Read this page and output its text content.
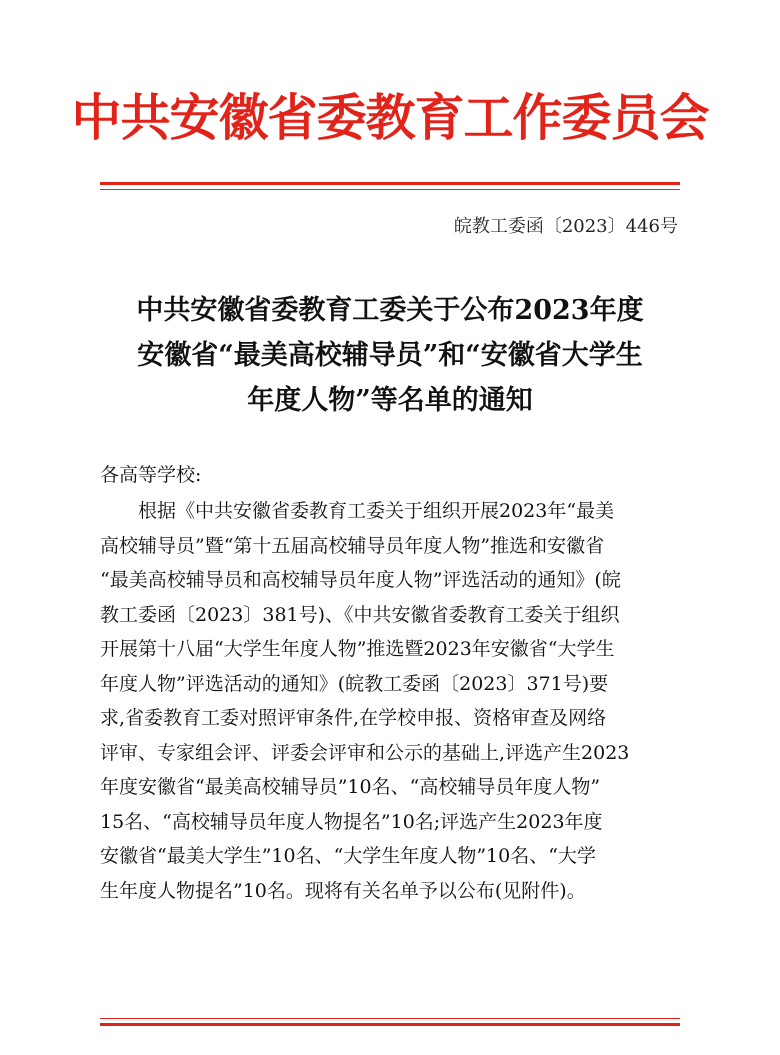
中共安徽省委教育工作委员会
皖教工委函〔2023〕446号
中共安徽省委教育工委关于公布2023年度
安徽省“最美高校辅导员”和“安徽省大学生
年度人物”等名单的通知
各高等学校:
根据《中共安徽省委教育工委关于组织开展2023年“最美
高校辅导员”暨“第十五届高校辅导员年度人物”推选和安徽省
“最美高校辅导员和高校辅导员年度人物”评选活动的通知》(皖
教工委函〔2023〕381号)、《中共安徽省委教育工委关于组织
开展第十八届“大学生年度人物”推选暨2023年安徽省“大学生
年度人物”评选活动的通知》(皖教工委函〔2023〕371号)要
求,省委教育工委对照评审条件,在学校申报、资格审查及网络
评审、专家组会评、评委会评审和公示的基础上,评选产生2023
年度安徽省“最美高校辅导员”10名、“高校辅导员年度人物”
15名、“高校辅导员年度人物提名”10名;评选产生2023年度
安徽省“最美大学生”10名、“大学生年度人物”10名、“大学
生年度人物提名”10名。现将有关名单予以公布(见附件)。
